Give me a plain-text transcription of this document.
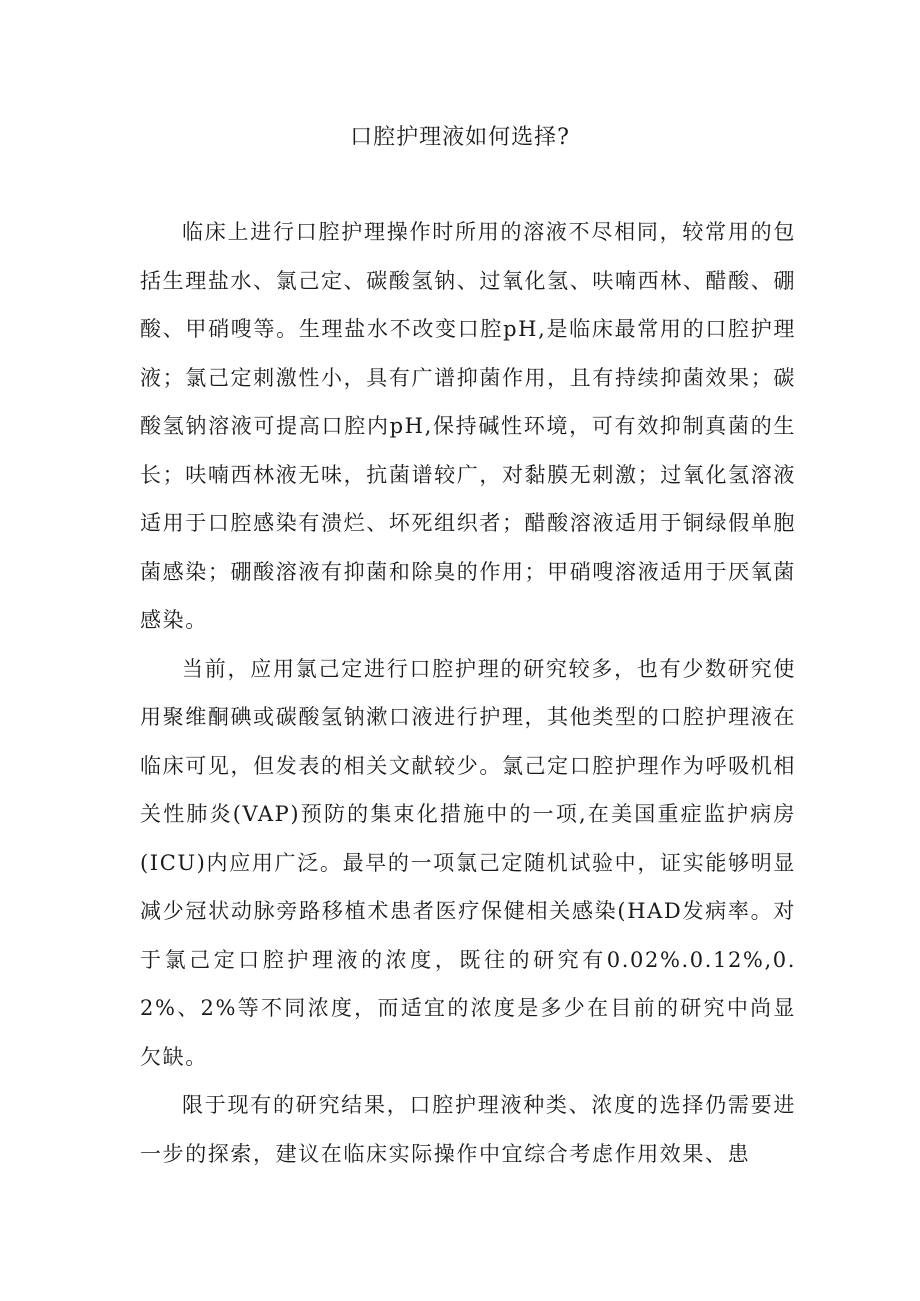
口腔护理液如何选择?

临床上进行口腔护理操作时所用的溶液不尽相同，较常用的包括生理盐水、氯己定、碳酸氢钠、过氧化氢、呋喃西林、醋酸、硼酸、甲硝嗖等。生理盐水不改变口腔pH,是临床最常用的口腔护理液；氯己定刺激性小，具有广谱抑菌作用，且有持续抑菌效果；碳酸氢钠溶液可提高口腔内pH,保持碱性环境，可有效抑制真菌的生长；呋喃西林液无味，抗菌谱较广，对黏膜无刺激；过氧化氢溶液适用于口腔感染有溃烂、坏死组织者；醋酸溶液适用于铜绿假单胞菌感染；硼酸溶液有抑菌和除臭的作用；甲硝嗖溶液适用于厌氧菌感染。

当前，应用氯己定进行口腔护理的研究较多，也有少数研究使用聚维酮碘或碳酸氢钠漱口液进行护理，其他类型的口腔护理液在临床可见，但发表的相关文献较少。氯己定口腔护理作为呼吸机相关性肺炎(VAP)预防的集束化措施中的一项,在美国重症监护病房(ICU)内应用广泛。最早的一项氯己定随机试验中，证实能够明显减少冠状动脉旁路移植术患者医疗保健相关感染(HAD发病率。对于氯己定口腔护理液的浓度，既往的研究有0.02%.0.12%,0.2%、2%等不同浓度，而适宜的浓度是多少在目前的研究中尚显欠缺。

限于现有的研究结果，口腔护理液种类、浓度的选择仍需要进一步的探索，建议在临床实际操作中宜综合考虑作用效果、患
